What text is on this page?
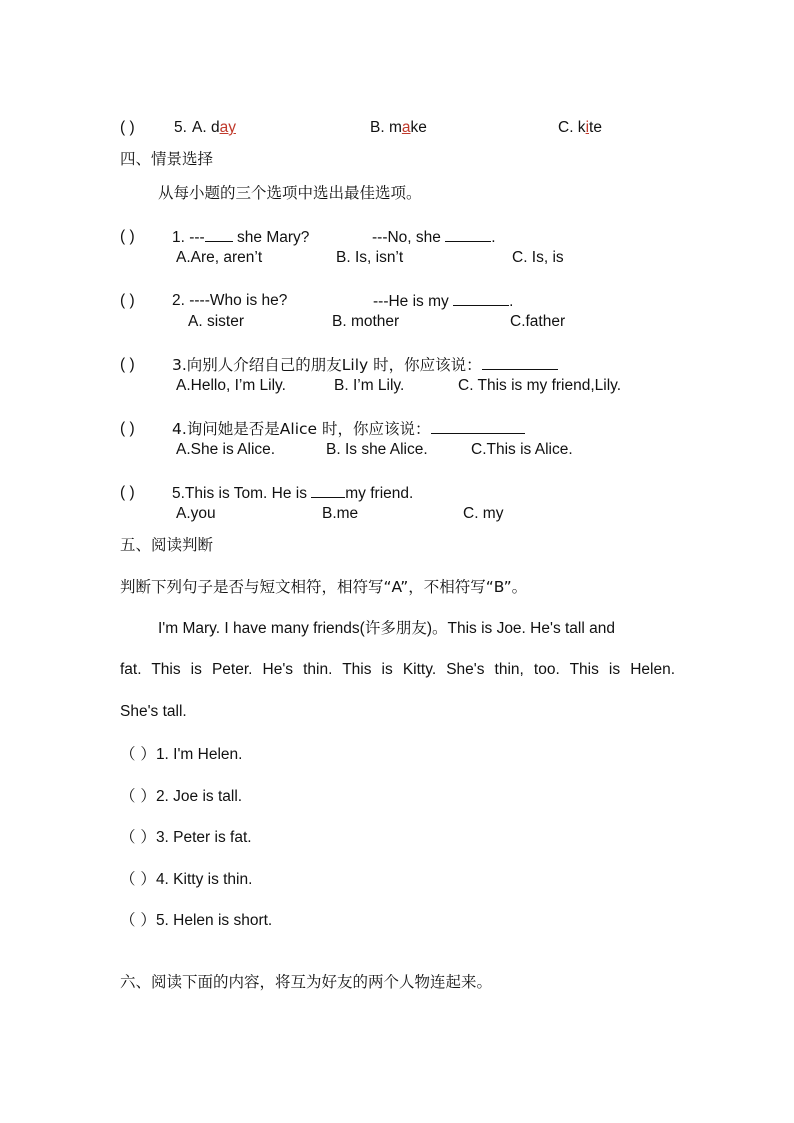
( )	5. A. day	B. make	C. kite
四、情景选择
从每小题的三个选项中选出最佳选项。
( ) 1. --- she Mary?	---No, she	.
A.Are, aren’t	B. Is, isn’t	C. Is, is
( ) 2. ----Who is he?	---He is my	.
A. sister	B. mother	C.father
( ) 3.向别人介绍自己的朋友Lily 时，你应该说：
A.Hello, I’m Lily.	B. I’m Lily.	C. This is my friend,Lily.
( ) 4.询问她是否是Alice 时，你应该说：
A.She is Alice.	B. Is she Alice.	C.This is Alice.
( ) 5.This is Tom. He is my friend.
A.you	B.me	C. my
五、阅读判断
判断下列句子是否与短文相符，相符写“A”，不相符写“B”。
I'm Mary. I have many friends(许多朋友)。This is Joe. He's tall and
fat. This is Peter. He's thin. This is Kitty. She's thin, too. This is Helen.
She's tall.
（ ）1. I'm Helen.
（ ）2. Joe is tall.
（ ）3. Peter is fat.
（ ）4. Kitty is thin.
（ ）5. Helen is short.
六、阅读下面的内容，将互为好友的两个人物连起来。
